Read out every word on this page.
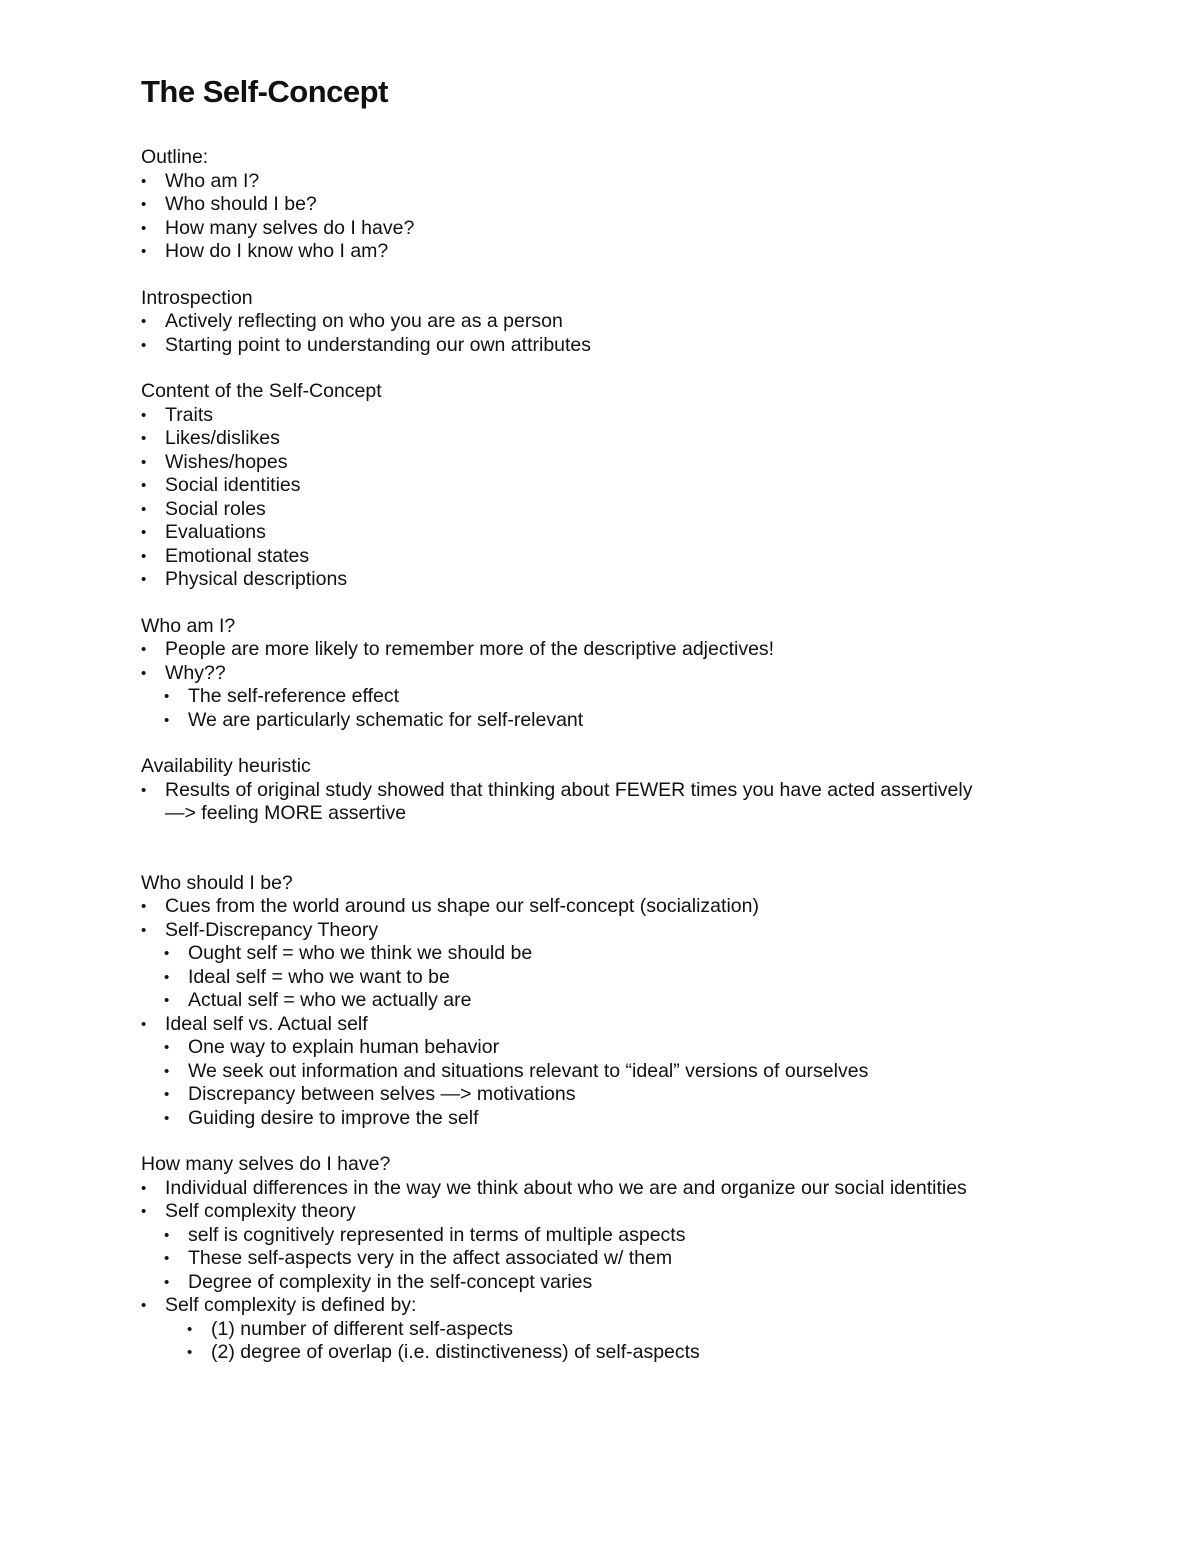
The Self-Concept

Outline:

• Who am I?
• Who should I be?
• How many selves do I have?
• How do I know who I am?

Introspection

• Actively reflecting on who you are as a person
• Starting point to understanding our own attributes

Content of the Self-Concept

• Traits
• Likes/dislikes
• Wishes/hopes
• Social identities
• Social roles
• Evaluations
• Emotional states
• Physical descriptions

Who am I?

• People are more likely to remember more of the descriptive adjectives!
• Why??
• The self-reference effect
• We are particularly schematic for self-relevant

Availability heuristic

• Results of original study showed that thinking about FEWER times you have acted assertively —> feeling MORE assertive

Who should I be?

• Cues from the world around us shape our self-concept (socialization)
• Self-Discrepancy Theory
• Ought self = who we think we should be
• Ideal self = who we want to be
• Actual self = who we actually are
• Ideal self vs. Actual self
• One way to explain human behavior
• We seek out information and situations relevant to “ideal” versions of ourselves
• Discrepancy between selves —> motivations
• Guiding desire to improve the self

How many selves do I have?

• Individual differences in the way we think about who we are and organize our social identities
• Self complexity theory
• self is cognitively represented in terms of multiple aspects
• These self-aspects very in the affect associated w/ them
• Degree of complexity in the self-concept varies
• Self complexity is defined by:
• (1) number of different self-aspects
• (2) degree of overlap (i.e. distinctiveness) of self-aspects
